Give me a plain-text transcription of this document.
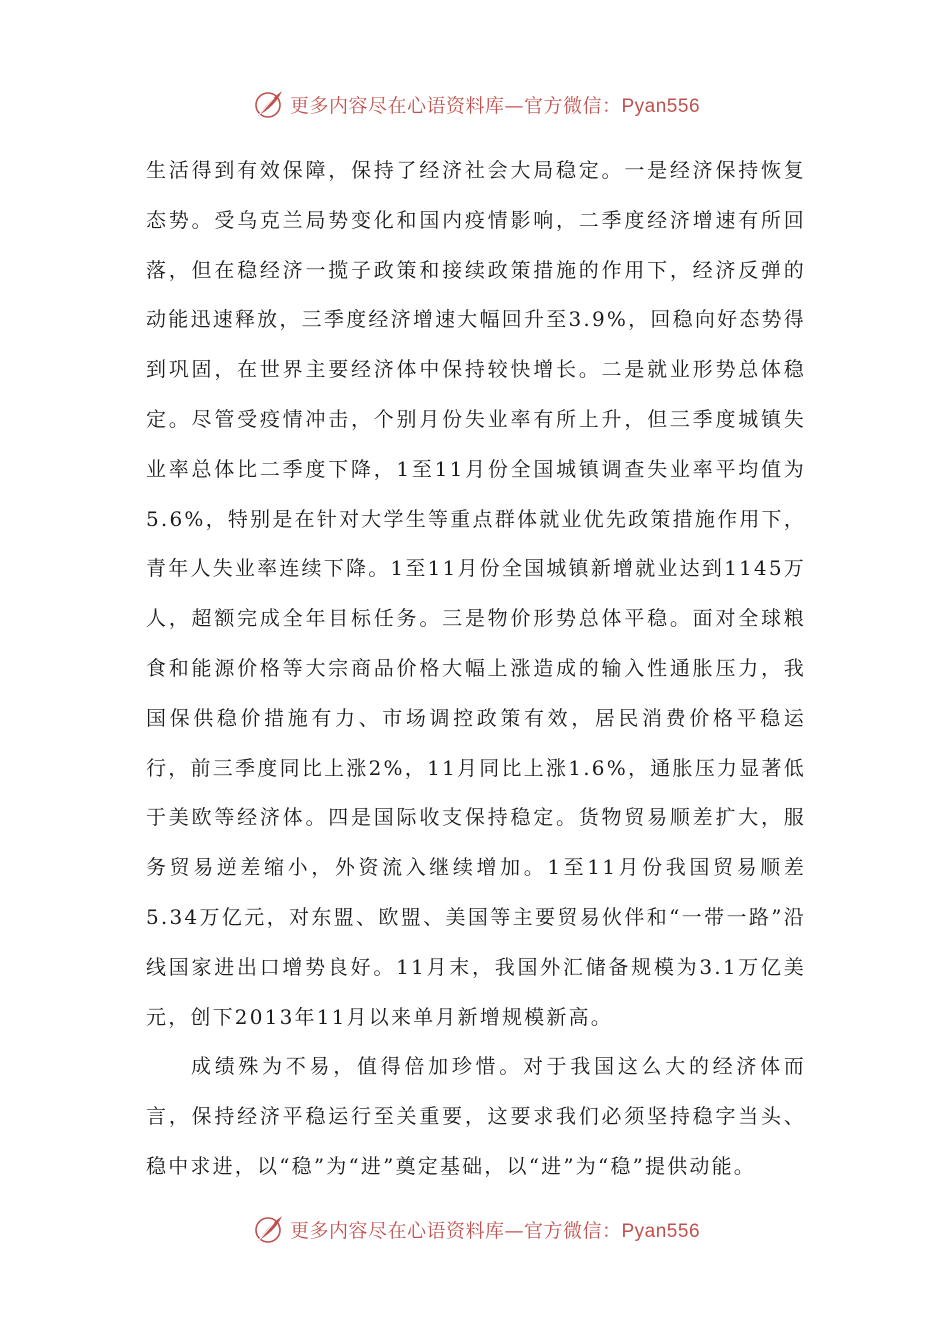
更多内容尽在心语资料库—官方微信：Pyan556

生活得到有效保障，保持了经济社会大局稳定。一是经济保持恢复态势。受乌克兰局势变化和国内疫情影响，二季度经济增速有所回落，但在稳经济一揽子政策和接续政策措施的作用下，经济反弹的动能迅速释放，三季度经济增速大幅回升至3.9%，回稳向好态势得到巩固，在世界主要经济体中保持较快增长。二是就业形势总体稳定。尽管受疫情冲击，个别月份失业率有所上升，但三季度城镇失业率总体比二季度下降，1至11月份全国城镇调查失业率平均值为5.6%，特别是在针对大学生等重点群体就业优先政策措施作用下，青年人失业率连续下降。1至11月份全国城镇新增就业达到1145万人，超额完成全年目标任务。三是物价形势总体平稳。面对全球粮食和能源价格等大宗商品价格大幅上涨造成的输入性通胀压力，我国保供稳价措施有力、市场调控政策有效，居民消费价格平稳运行，前三季度同比上涨2%，11月同比上涨1.6%，通胀压力显著低于美欧等经济体。四是国际收支保持稳定。货物贸易顺差扩大，服务贸易逆差缩小，外资流入继续增加。1至11月份我国贸易顺差5.34万亿元，对东盟、欧盟、美国等主要贸易伙伴和“一带一路”沿线国家进出口增势良好。11月末，我国外汇储备规模为3.1万亿美元，创下2013年11月以来单月新增规模新高。

成绩殊为不易，值得倍加珍惜。对于我国这么大的经济体而言，保持经济平稳运行至关重要，这要求我们必须坚持稳字当头、稳中求进，以“稳”为“进”奠定基础，以“进”为“稳”提供动能。

更多内容尽在心语资料库—官方微信：Pyan556
